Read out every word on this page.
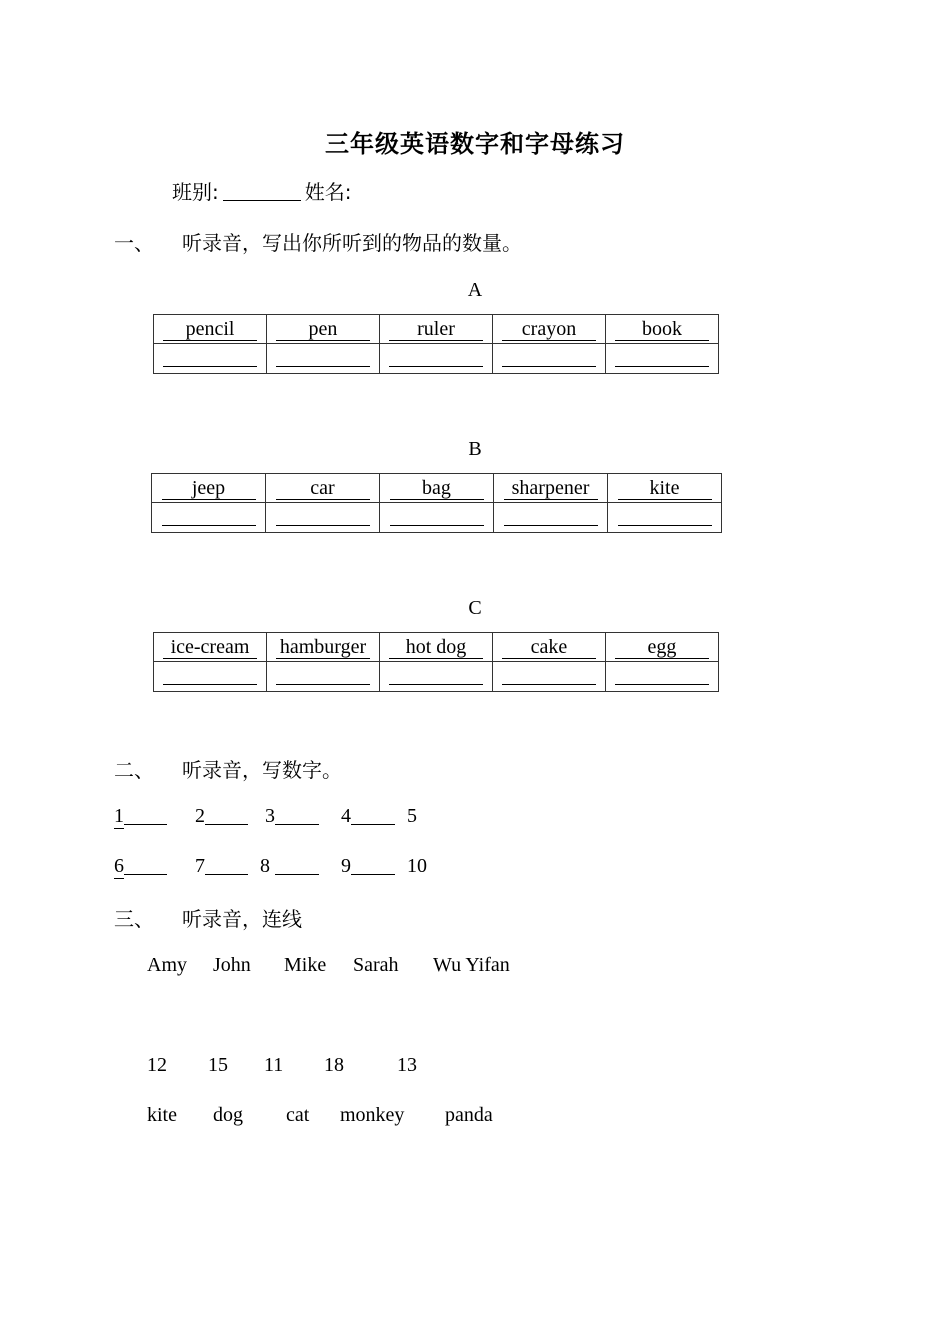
三年级英语数字和字母练习
班别:	姓名:
一、 听录音，写出你所听到的物品的数量。
A
pencil	pen	ruler	crayon	book

B
jeep	car	bag	sharpener	kite

C
ice-cream	hamburger	hot dog	cake	egg

二、 听录音，写数字。
1	2	3	4	5
6	7	8	9	10
三、 听录音，连线
Amy John Mike Sarah Wu Yifan
12 15 11 18	13
kite dog cat monkey panda
